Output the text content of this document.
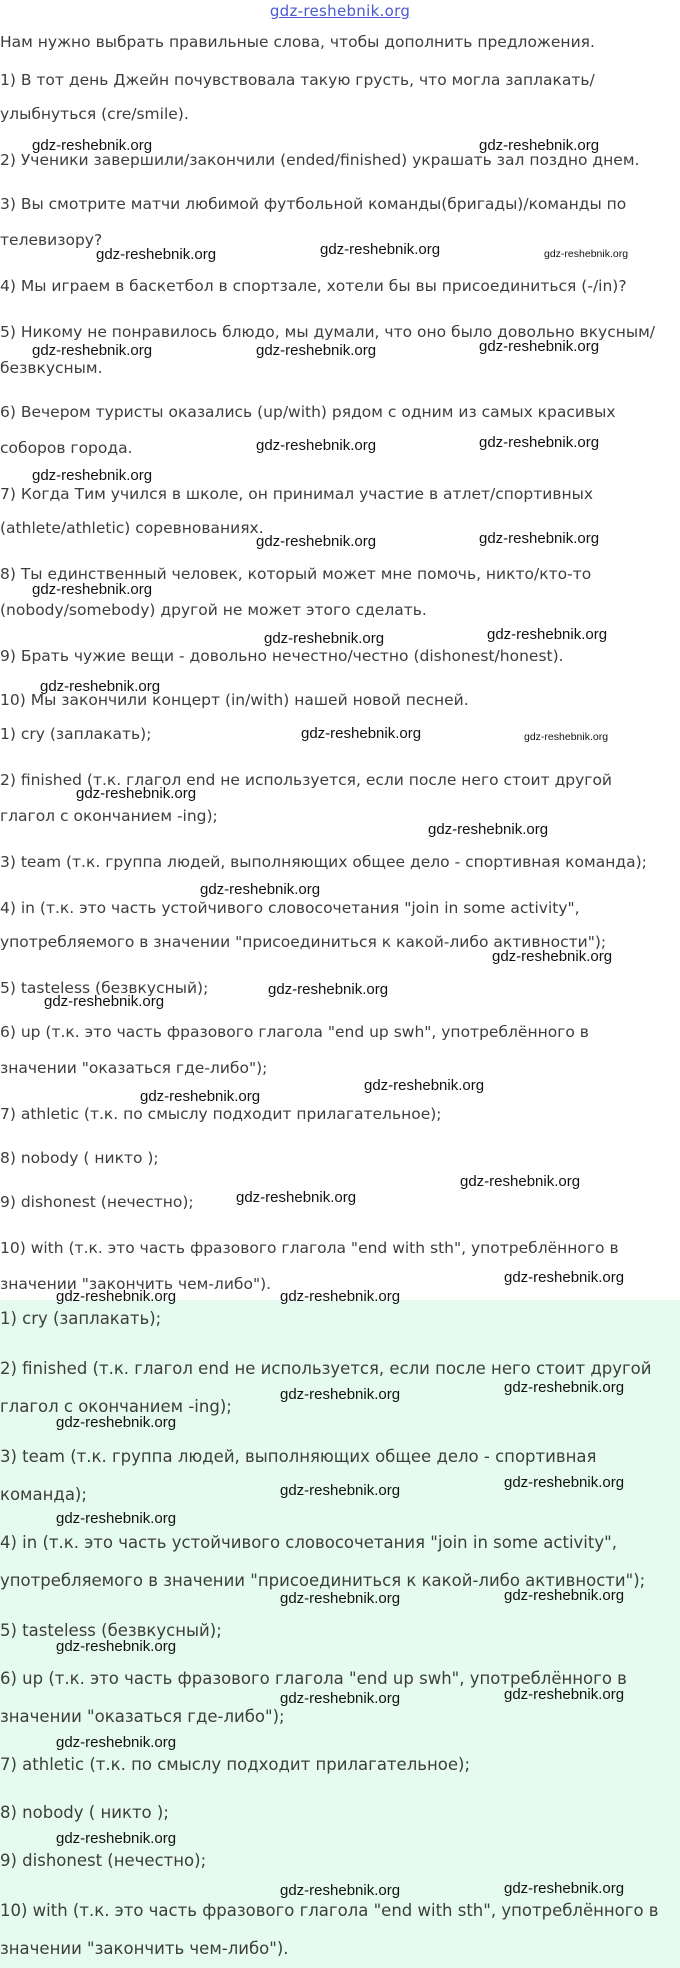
gdz-reshebnik.org
Нам нужно выбрать правильные слова, чтобы дополнить предложения.
1) В тот день Джейн почувствовала такую грусть, что могла заплакать/
улыбнуться (cre/smile).
2) Ученики завершили/закончили (ended/finished) украшать зал поздно днем.
3) Вы смотрите матчи любимой футбольной команды(бригады)/команды по
телевизору?
4) Мы играем в баскетбол в спортзале, хотели бы вы присоединиться (-/in)?
5) Никому не понравилось блюдо, мы думали, что оно было довольно вкусным/
безвкусным.
6) Вечером туристы оказались (up/with) рядом с одним из самых красивых
соборов города.
7) Когда Тим учился в школе, он принимал участие в атлет/спортивных
(athlete/athletic) соревнованиях.
8) Ты единственный человек, который может мне помочь, никто/кто-то
(nobody/somebody) другой не может этого сделать.
9) Брать чужие вещи - довольно нечестно/честно (dishonest/honest).
10) Мы закончили концерт (in/with) нашей новой песней.
1) cry (заплакать);
2) finished (т.к. глагол end не используется, если после него стоит другой
глагол с окончанием -ing);
3) team (т.к. группа людей, выполняющих общее дело - спортивная команда);
4) in (т.к. это часть устойчивого словосочетания "join in some activity",
употребляемого в значении "присоединиться к какой-либо активности");
5) tasteless (безвкусный);
6) up (т.к. это часть фразового глагола "end up swh", употреблённого в
значении "оказаться где-либо");
7) athletic (т.к. по смыслу подходит прилагательное);
8) nobody ( никто );
9) dishonest (нечестно);
10) with (т.к. это часть фразового глагола "end with sth", употреблённого в
значении "закончить чем-либо").
1) cry (заплакать);
2) finished (т.к. глагол end не используется, если после него стоит другой
глагол с окончанием -ing);
3) team (т.к. группа людей, выполняющих общее дело - спортивная
команда);
4) in (т.к. это часть устойчивого словосочетания "join in some activity",
употребляемого в значении "присоединиться к какой-либо активности");
5) tasteless (безвкусный);
6) up (т.к. это часть фразового глагола "end up swh", употреблённого в
значении "оказаться где-либо");
7) athletic (т.к. по смыслу подходит прилагательное);
8) nobody ( никто );
9) dishonest (нечестно);
10) with (т.к. это часть фразового глагола "end with sth", употреблённого в
значении "закончить чем-либо").
gdz-reshebnik.org	gdz-reshebnik.org
gdz-reshebnik.org	gdz-reshebnik.org	gdz-reshebnik.org
gdz-reshebnik.org	gdz-reshebnik.org	gdz-reshebnik.org
gdz-reshebnik.org	gdz-reshebnik.org
gdz-reshebnik.org
gdz-reshebnik.org	gdz-reshebnik.org
gdz-reshebnik.org
gdz-reshebnik.org	gdz-reshebnik.org
gdz-reshebnik.org
gdz-reshebnik.org	gdz-reshebnik.org
gdz-reshebnik.org
gdz-reshebnik.org
gdz-reshebnik.org
gdz-reshebnik.org
gdz-reshebnik.org
gdz-reshebnik.org
gdz-reshebnik.org
gdz-reshebnik.org
gdz-reshebnik.org
gdz-reshebnik.org
gdz-reshebnik.org
gdz-reshebnik.org	gdz-reshebnik.org
gdz-reshebnik.org
gdz-reshebnik.org
gdz-reshebnik.org
gdz-reshebnik.org
gdz-reshebnik.org
gdz-reshebnik.org
gdz-reshebnik.org	gdz-reshebnik.org
gdz-reshebnik.org
gdz-reshebnik.org	gdz-reshebnik.org
gdz-reshebnik.org
gdz-reshebnik.org
gdz-reshebnik.org	gdz-reshebnik.org
